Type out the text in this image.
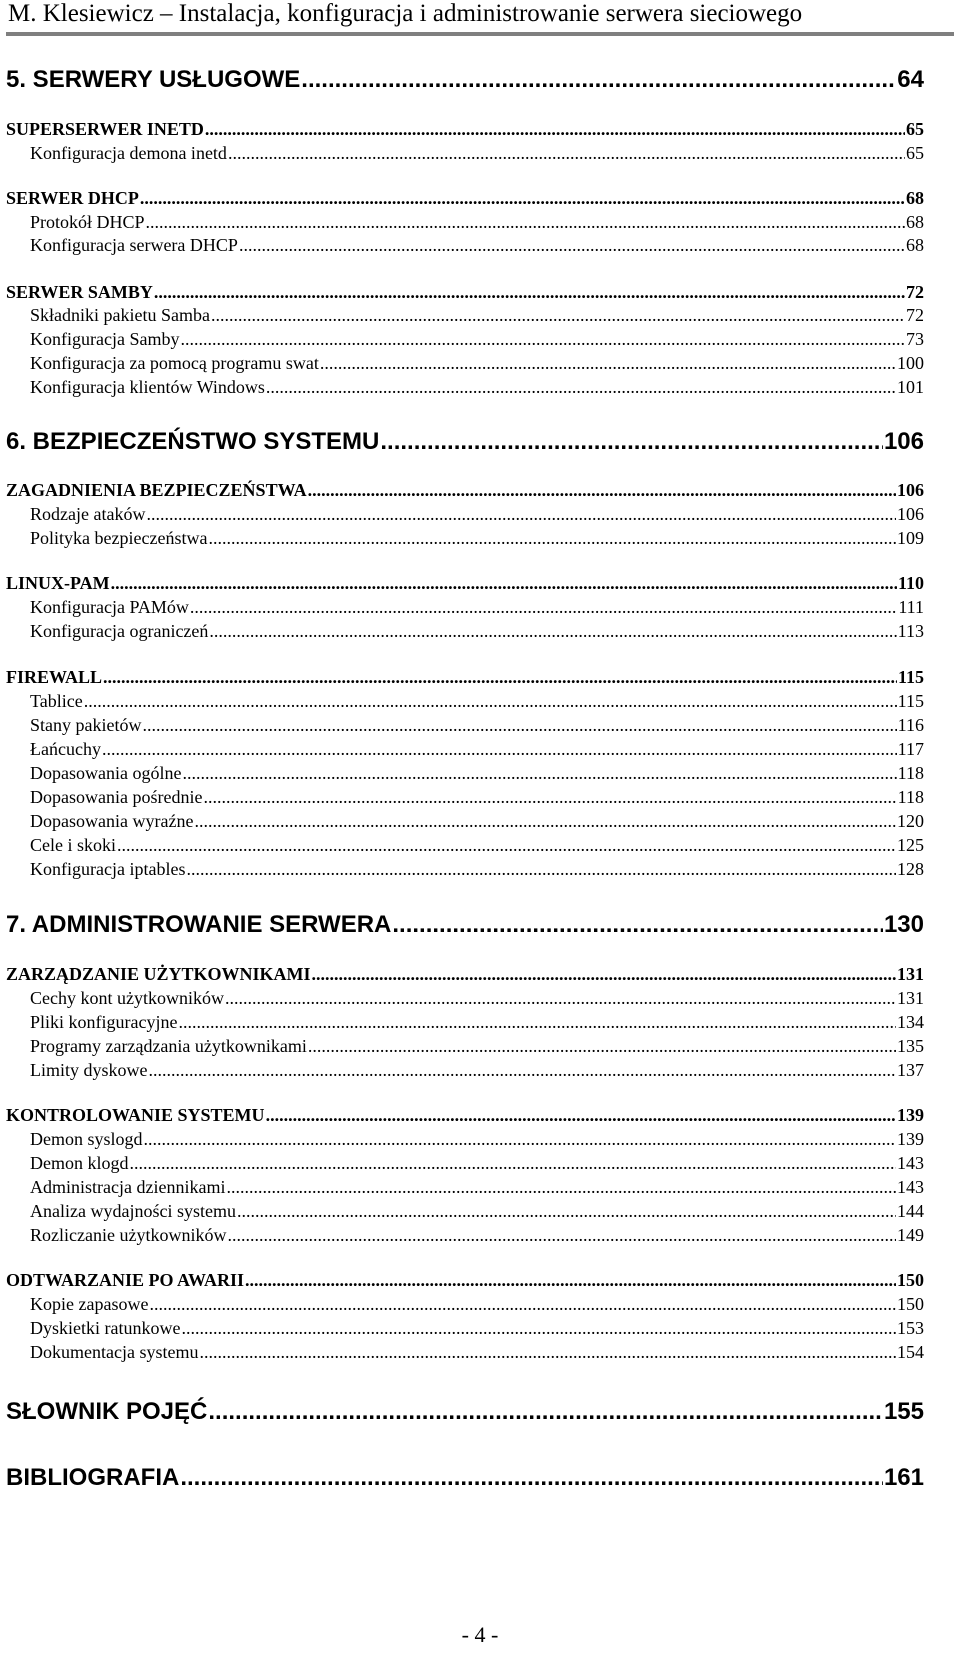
M. Klesiewicz – Instalacja, konfiguracja i administrowanie serwera sieciowego
5. SERWERY USŁUGOWE .....	64
SUPERSERWER INETD .....	65
Konfiguracja demona inetd .....	65
SERWER DHCP .....	68
Protokół DHCP .....	68
Konfiguracja serwera DHCP .....	68
SERWER SAMBY .....	72
Składniki pakietu Samba .....	72
Konfiguracja Samby .....	73
Konfiguracja za pomocą programu swat .....	100
Konfiguracja klientów Windows .....	101
6. BEZPIECZEŃSTWO SYSTEMU .....	106
ZAGADNIENIA BEZPIECZEŃSTWA .....	106
Rodzaje ataków .....	106
Polityka bezpieczeństwa .....	109
LINUX-PAM .....	110
Konfiguracja PAMów .....	111
Konfiguracja ograniczeń .....	113
FIREWALL .....	115
Tablice .....	115
Stany pakietów .....	116
Łańcuchy .....	117
Dopasowania ogólne .....	118
Dopasowania pośrednie .....	118
Dopasowania wyraźne .....	120
Cele i skoki .....	125
Konfiguracja iptables .....	128
7. ADMINISTROWANIE SERWERA .....	130
ZARZĄDZANIE UŻYTKOWNIKAMI .....	131
Cechy kont użytkowników .....	131
Pliki konfiguracyjne .....	134
Programy zarządzania użytkownikami .....	135
Limity dyskowe .....	137
KONTROLOWANIE SYSTEMU .....	139
Demon syslogd .....	139
Demon klogd .....	143
Administracja dziennikami .....	143
Analiza wydajności systemu .....	144
Rozliczanie użytkowników .....	149
ODTWARZANIE PO AWARII .....	150
Kopie zapasowe .....	150
Dyskietki ratunkowe .....	153
Dokumentacja systemu .....	154
SŁOWNIK POJĘĆ .....	155
BIBLIOGRAFIA .....	161
- 4 -
